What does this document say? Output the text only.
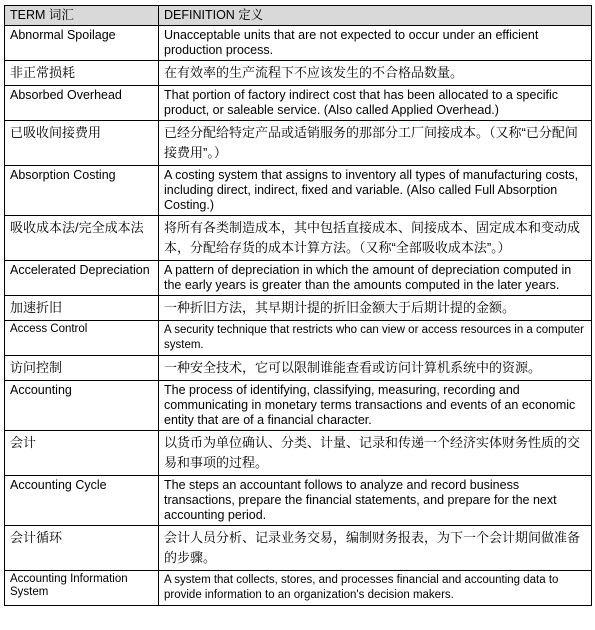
TERM 词汇	DEFINITION 定义
Abnormal Spoilage	Unacceptable units that are not expected to occur under an efficient production process.
非正常损耗	在有效率的生产流程下不应该发生的不合格品数量。
Absorbed Overhead	That portion of factory indirect cost that has been allocated to a specific product, or saleable service. (Also called Applied Overhead.)
已吸收间接费用	已经分配给特定产品或适销服务的那部分工厂间接成本。（又称“已分配间接费用”。）
Absorption Costing	A costing system that assigns to inventory all types of manufacturing costs, including direct, indirect, fixed and variable. (Also called Full Absorption Costing.)
吸收成本法/完全成本法	将所有各类制造成本，其中包括直接成本、间接成本、固定成本和变动成本，分配给存货的成本计算方法。（又称“全部吸收成本法”。）
Accelerated Depreciation	A pattern of depreciation in which the amount of depreciation computed in the early years is greater than the amounts computed in the later years.
加速折旧	一种折旧方法，其早期计提的折旧金额大于后期计提的金额。
Access Control	A security technique that restricts who can view or access resources in a computer system.
访问控制	一种安全技术，它可以限制谁能查看或访问计算机系统中的资源。
Accounting	The process of identifying, classifying, measuring, recording and communicating in monetary terms transactions and events of an economic entity that are of a financial character.
会计	以货币为单位确认、分类、计量、记录和传递一个经济实体财务性质的交易和事项的过程。
Accounting Cycle	The steps an accountant follows to analyze and record business transactions, prepare the financial statements, and prepare for the next accounting period.
会计循环	会计人员分析、记录业务交易，编制财务报表，为下一个会计期间做准备的步骤。
Accounting Information System	A system that collects, stores, and processes financial and accounting data to provide information to an organization's decision makers.
